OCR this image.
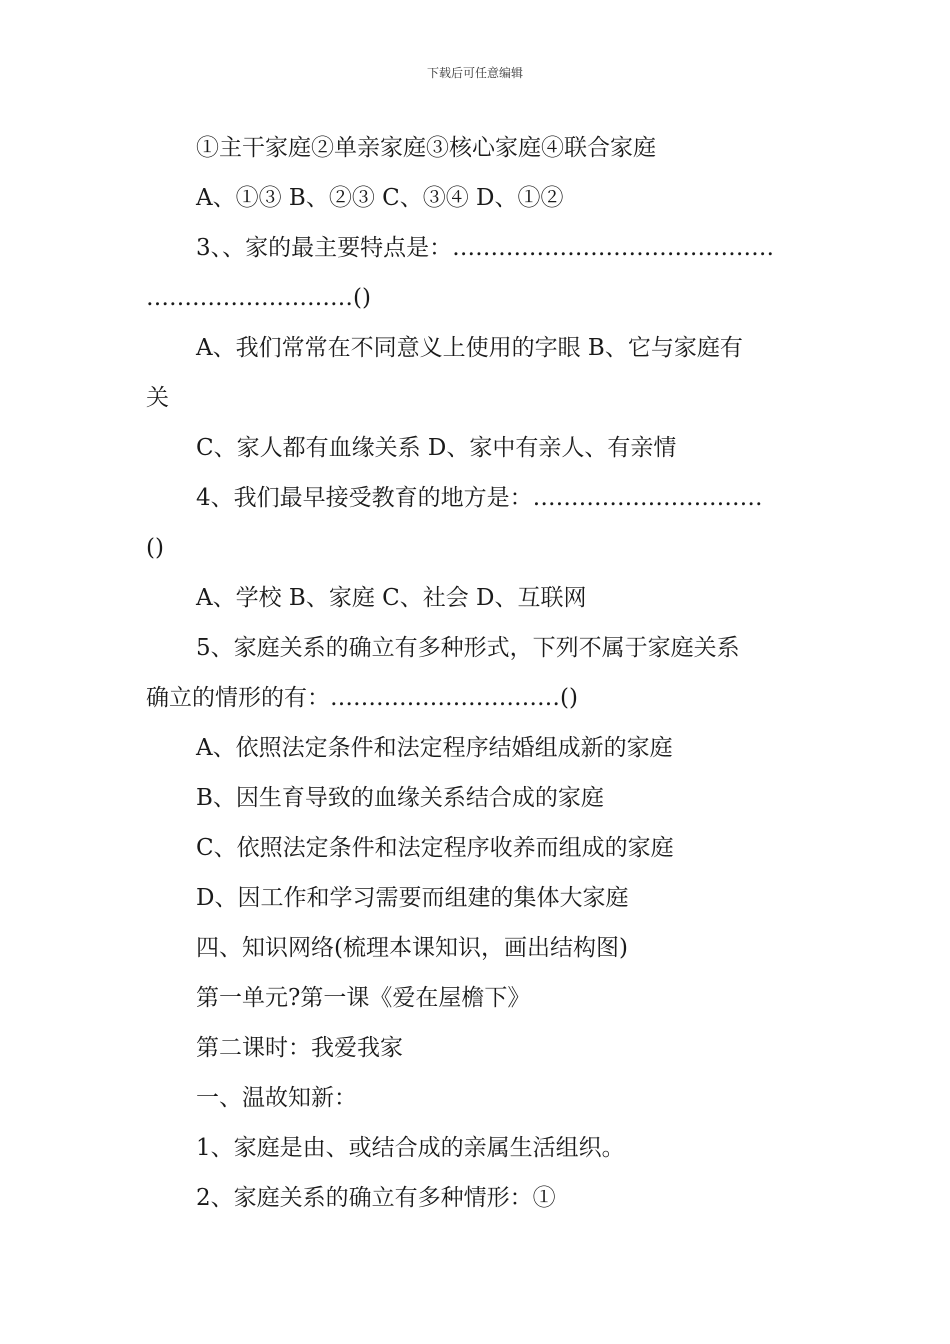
下载后可任意编辑
①主干家庭②单亲家庭③核心家庭④联合家庭
A、①③ B、②③ C、③④ D、①②
3、、家的最主要特点是：……………………………………
………………………()
A、我们常常在不同意义上使用的字眼 B、它与家庭有
关
C、家人都有血缘关系 D、家中有亲人、有亲情
4、我们最早接受教育的地方是：…………………………
()
A、学校 B、家庭 C、社会 D、互联网
5、家庭关系的确立有多种形式，下列不属于家庭关系
确立的情形的有：…………………………()
A、依照法定条件和法定程序结婚组成新的家庭
B、因生育导致的血缘关系结合成的家庭
C、依照法定条件和法定程序收养而组成的家庭
D、因工作和学习需要而组建的集体大家庭
四、知识网络(梳理本课知识，画出结构图)
第一单元?第一课《爱在屋檐下》
第二课时：我爱我家
一、温故知新：
1、家庭是由、或结合成的亲属生活组织。
2、家庭关系的确立有多种情形：①
